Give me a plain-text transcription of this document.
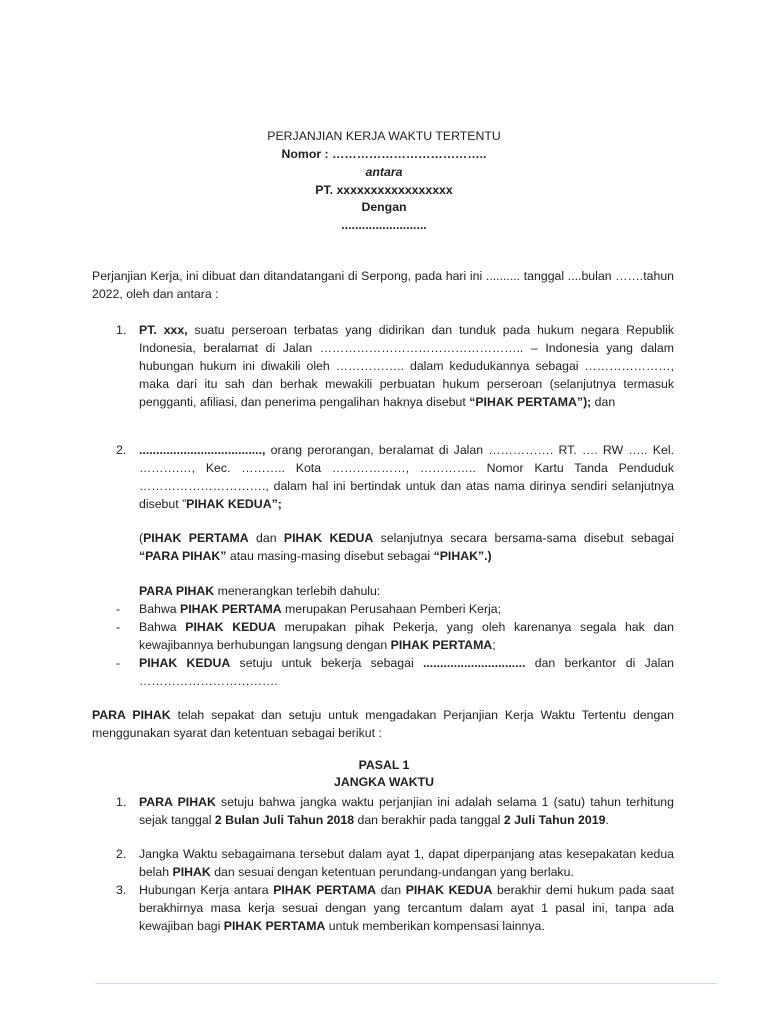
PERJANJIAN KERJA WAKTU TERTENTU
Nomor : ………………………………..
antara
PT. xxxxxxxxxxxxxxxxx
Dengan
.........................
Perjanjian Kerja, ini dibuat dan ditandatangani di Serpong, pada hari ini .......... tanggal ....bulan …….tahun 2022, oleh dan antara :
1. PT. xxx, suatu perseroan terbatas yang didirikan dan tunduk pada hukum negara Republik Indonesia, beralamat di Jalan ………………………………………….. – Indonesia yang dalam hubungan hukum ini diwakili oleh …………….. dalam kedudukannya sebagai …………………, maka dari itu sah dan berhak mewakili perbuatan hukum perseroan (selanjutnya termasuk pengganti, afiliasi, dan penerima pengalihan haknya disebut “PIHAK PERTAMA”); dan
2. ...................................., orang perorangan, beralamat di Jalan ……………. RT. …. RW ….. Kel. ……….…, Kec. ……….. Kota ………………, ………….. Nomor Kartu Tanda Penduduk …………………………., dalam hal ini bertindak untuk dan atas nama dirinya sendiri selanjutnya disebut ”PIHAK KEDUA”;
(PIHAK PERTAMA dan PIHAK KEDUA selanjutnya secara bersama-sama disebut sebagai “PARA PIHAK” atau masing-masing disebut sebagai “PIHAK”.)
PARA PIHAK menerangkan terlebih dahulu:
- Bahwa PIHAK PERTAMA merupakan Perusahaan Pemberi Kerja;
- Bahwa PIHAK KEDUA merupakan pihak Pekerja, yang oleh karenanya segala hak dan kewajibannya berhubungan langsung dengan PIHAK PERTAMA;
- PIHAK KEDUA setuju untuk bekerja sebagai .............................. dan berkantor di Jalan …………………………….
PARA PIHAK telah sepakat dan setuju untuk mengadakan Perjanjian Kerja Waktu Tertentu dengan menggunakan syarat dan ketentuan sebagai berikut :
PASAL 1
JANGKA WAKTU
1. PARA PIHAK setuju bahwa jangka waktu perjanjian ini adalah selama 1 (satu) tahun terhitung sejak tanggal 2 Bulan Juli Tahun 2018 dan berakhir pada tanggal 2 Juli Tahun 2019.
2. Jangka Waktu sebagaimana tersebut dalam ayat 1, dapat diperpanjang atas kesepakatan kedua belah PIHAK dan sesuai dengan ketentuan perundang-undangan yang berlaku.
3. Hubungan Kerja antara PIHAK PERTAMA dan PIHAK KEDUA berakhir demi hukum pada saat berakhirnya masa kerja sesuai dengan yang tercantum dalam ayat 1 pasal ini, tanpa ada kewajiban bagi PIHAK PERTAMA untuk memberikan kompensasi lainnya.
